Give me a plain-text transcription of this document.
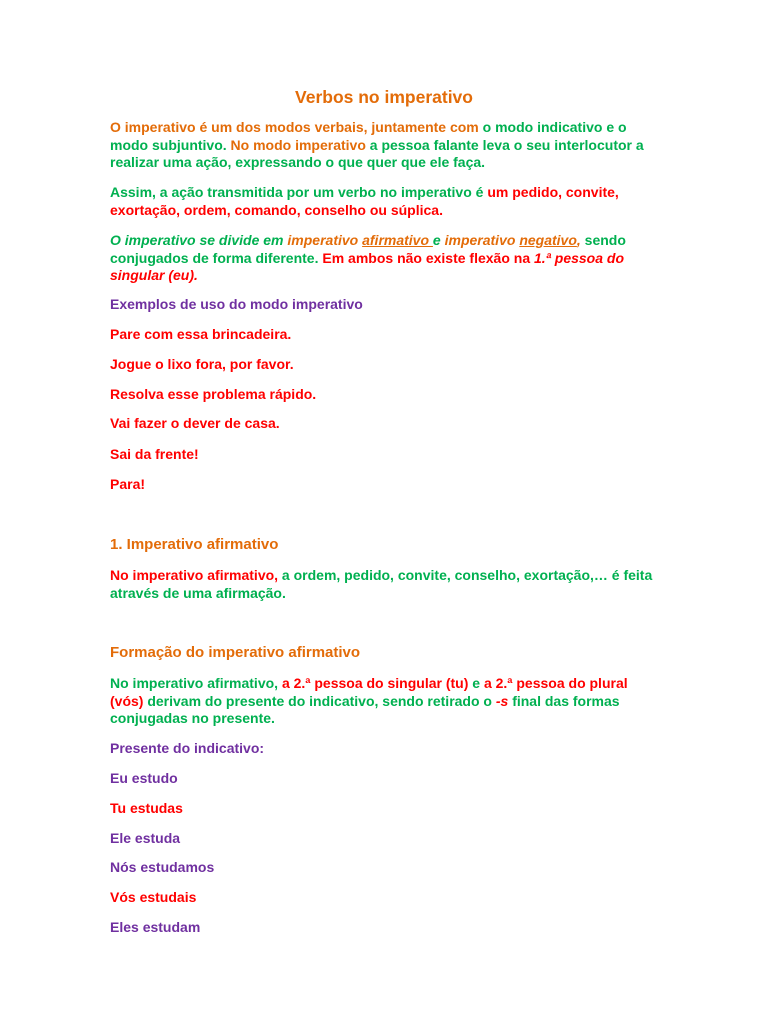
Verbos no imperativo

O imperativo é um dos modos verbais, juntamente com o modo indicativo e o modo subjuntivo. No modo imperativo a pessoa falante leva o seu interlocutor a realizar uma ação, expressando o que quer que ele faça.

Assim, a ação transmitida por um verbo no imperativo é um pedido, convite, exortação, ordem, comando, conselho ou súplica.

O imperativo se divide em imperativo afirmativo e imperativo negativo, sendo conjugados de forma diferente. Em ambos não existe flexão na 1.ª pessoa do singular (eu).

Exemplos de uso do modo imperativo

Pare com essa brincadeira.

Jogue o lixo fora, por favor.

Resolva esse problema rápido.

Vai fazer o dever de casa.

Sai da frente!

Para!

1. Imperativo afirmativo

No imperativo afirmativo, a ordem, pedido, convite, conselho, exortação,… é feita através de uma afirmação.

Formação do imperativo afirmativo

No imperativo afirmativo, a 2.ª pessoa do singular (tu) e a 2.ª pessoa do plural (vós) derivam do presente do indicativo, sendo retirado o -s final das formas conjugadas no presente.

Presente do indicativo:

Eu estudo

Tu estudas

Ele estuda

Nós estudamos

Vós estudais

Eles estudam
